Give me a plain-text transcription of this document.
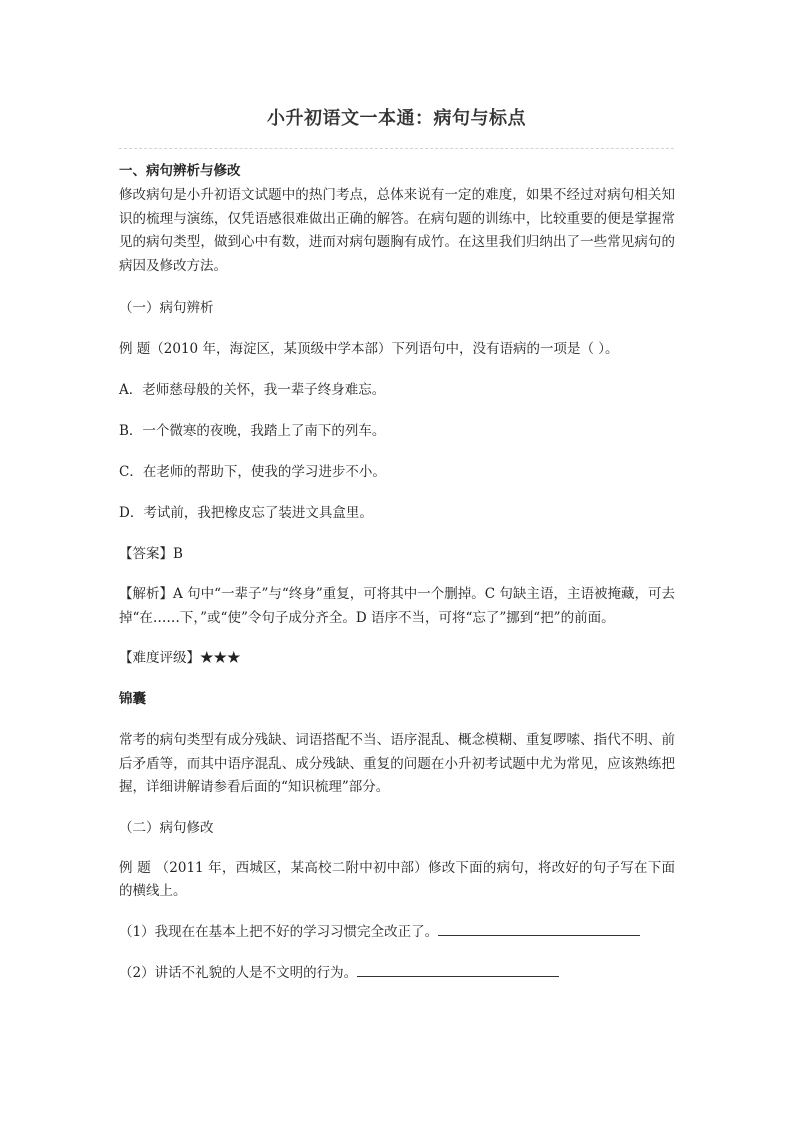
小升初语文一本通：病句与标点

一、病句辨析与修改

修改病句是小升初语文试题中的热门考点，总体来说有一定的难度，如果不经过对病句相关知识的梳理与演练，仅凭语感很难做出正确的解答。在病句题的训练中，比较重要的便是掌握常见的病句类型，做到心中有数，进而对病句题胸有成竹。在这里我们归纳出了一些常见病句的病因及修改方法。

（一）病句辨析

例 题（2010 年，海淀区，某顶级中学本部）下列语句中，没有语病的一项是（ ）。

A．老师慈母般的关怀，我一辈子终身难忘。

B．一个微寒的夜晚，我踏上了南下的列车。

C．在老师的帮助下，使我的学习进步不小。

D．考试前，我把橡皮忘了装进文具盒里。

【答案】B

【解析】A 句中“一辈子”与“终身”重复，可将其中一个删掉。C 句缺主语，主语被掩藏，可去掉“在……下，”或“使”令句子成分齐全。D 语序不当，可将“忘了”挪到“把”的前面。

【难度评级】★★★

锦囊

常考的病句类型有成分残缺、词语搭配不当、语序混乱、概念模糊、重复啰嗦、指代不明、前后矛盾等，而其中语序混乱、成分残缺、重复的问题在小升初考试题中尤为常见，应该熟练把握，详细讲解请参看后面的“知识梳理”部分。

（二）病句修改

例 题 （2011 年，西城区，某高校二附中初中部）修改下面的病句，将改好的句子写在下面的横线上。

（1）我现在在基本上把不好的学习习惯完全改正了。

（2）讲话不礼貌的人是不文明的行为。
